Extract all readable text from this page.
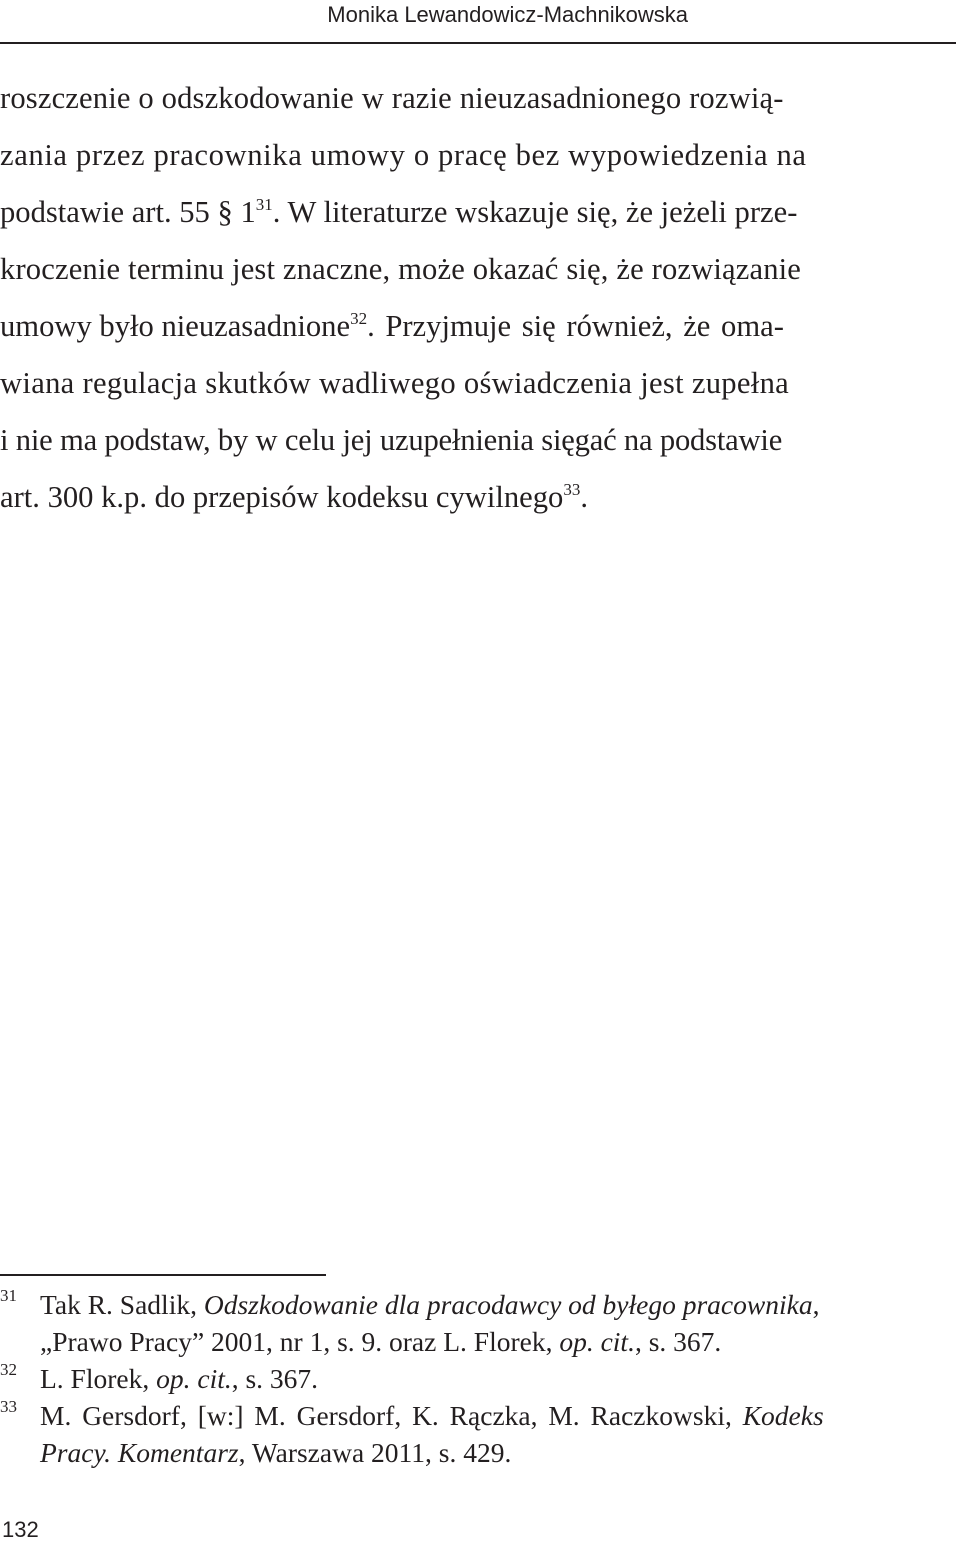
Monika Lewandowicz-Machnikowska
roszczenie o odszkodowanie w razie nieuzasadnionego rozwią-
zania przez pracownika umowy o pracę bez wypowiedzenia na
podstawie art. 55 § $1^{31}$. W literaturze wskazuje się, że jeżeli prze-
kroczenie terminu jest znaczne, może okazać się, że rozwiązanie
umowy było nieuzasadnione$^{32}$. Przyjmuje się również, że oma-
wiana regulacja skutków wadliwego oświadczenia jest zupełna
i nie ma podstaw, by w celu jej uzupełnienia sięgać na podstawie
art. 300 k.p. do przepisów kodeksu cywilnego$^{33}$.
31 Tak R. Sadlik, Odszkodowanie dla pracodawcy od byłego pracownika,
„Prawo Pracy” 2001, nr 1, s. 9. oraz L. Florek, op. cit., s. 367.
32 L. Florek, op. cit., s. 367.
33 M. Gersdorf, [w:] M. Gersdorf, K. Rączka, M. Raczkowski, Kodeks
Pracy. Komentarz, Warszawa 2011, s. 429.
132
